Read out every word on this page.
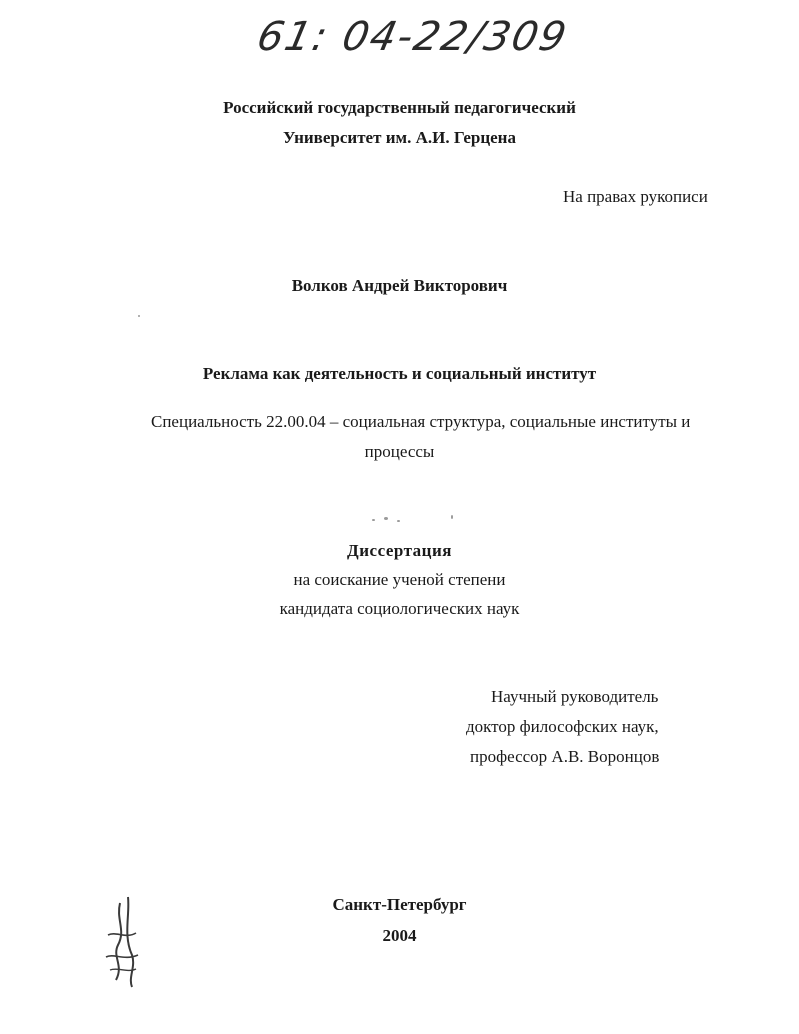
61: 04-22/309
Российский государственный педагогический
Университет им. А.И. Герцена
На правах рукописи
Волков Андрей Викторович
Реклама как деятельность и социальный институт
Специальность 22.00.04 – социальная структура, социальные институты и
процессы
Диссертация
на соискание ученой степени
кандидата социологических наук
Научный руководитель
доктор философских наук,
профессор А.В. Воронцов
Санкт-Петербург
2004
